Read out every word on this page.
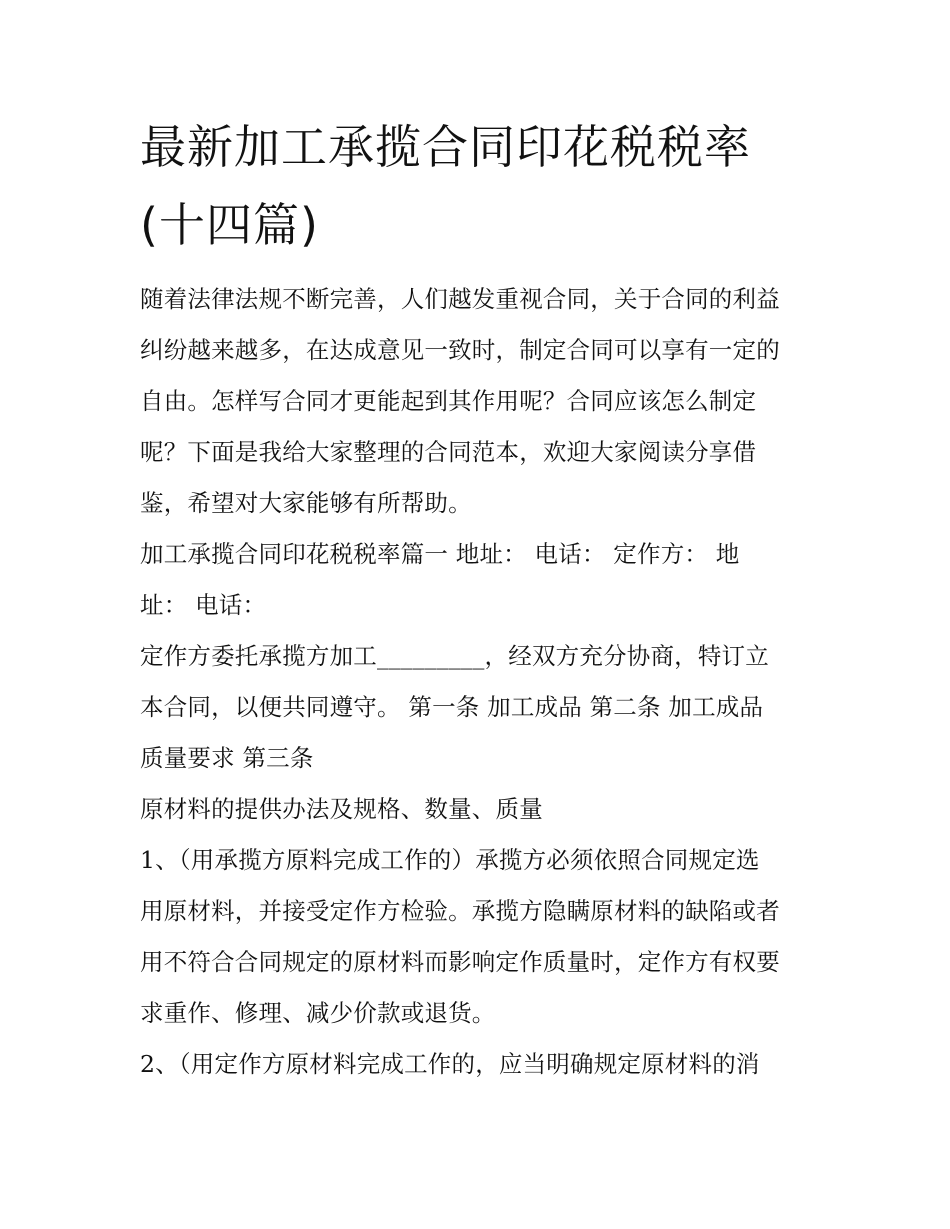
最新加工承揽合同印花税税率
(十四篇)
随着法律法规不断完善，人们越发重视合同，关于合同的利益
纠纷越来越多，在达成意见一致时，制定合同可以享有一定的
自由。怎样写合同才更能起到其作用呢？合同应该怎么制定
呢？下面是我给大家整理的合同范本，欢迎大家阅读分享借
鉴，希望对大家能够有所帮助。
加工承揽合同印花税税率篇一 地址： 电话： 定作方： 地
址： 电话：
定作方委托承揽方加工_________，经双方充分协商，特订立
本合同，以便共同遵守。 第一条 加工成品 第二条 加工成品
质量要求 第三条
原材料的提供办法及规格、数量、质量
1、（用承揽方原料完成工作的）承揽方必须依照合同规定选
用原材料，并接受定作方检验。承揽方隐瞒原材料的缺陷或者
用不符合合同规定的原材料而影响定作质量时，定作方有权要
求重作、修理、减少价款或退货。
2、（用定作方原材料完成工作的，应当明确规定原材料的消
